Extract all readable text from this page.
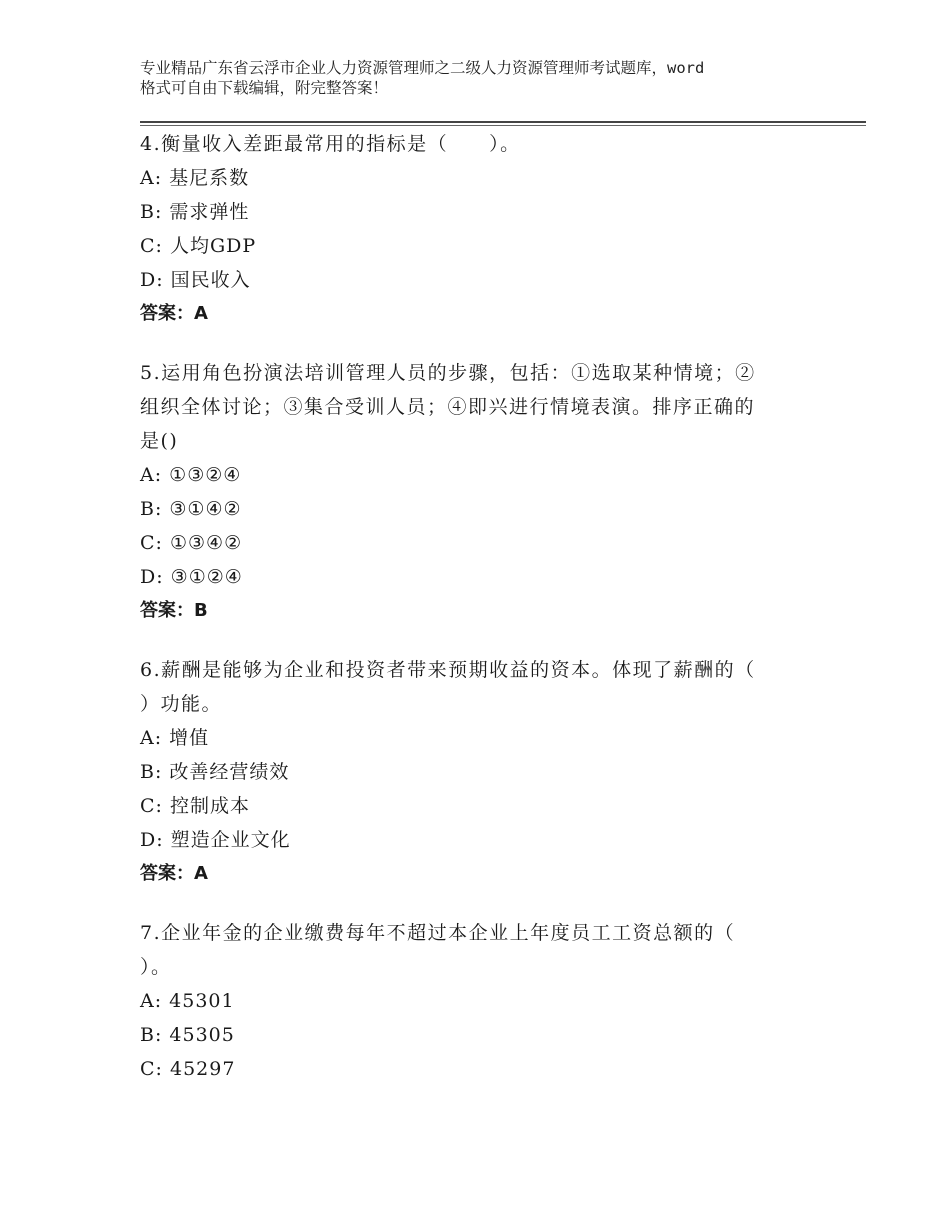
专业精品广东省云浮市企业人力资源管理师之二级人力资源管理师考试题库，word
格式可自由下载编辑，附完整答案！

4.衡量收入差距最常用的指标是（　　）。

A: 基尼系数

B: 需求弹性

C: 人均GDP

D: 国民收入

答案：A

5.运用角色扮演法培训管理人员的步骤，包括：①选取某种情境；②

组织全体讨论；③集合受训人员；④即兴进行情境表演。排序正确的

是()

A: ①③②④

B: ③①④②

C: ①③④②

D: ③①②④

答案：B

6.薪酬是能够为企业和投资者带来预期收益的资本。体现了薪酬的（

）功能。

A: 增值

B: 改善经营绩效

C: 控制成本

D: 塑造企业文化

答案：A

7.企业年金的企业缴费每年不超过本企业上年度员工工资总额的（

）。

A: 45301

B: 45305

C: 45297
